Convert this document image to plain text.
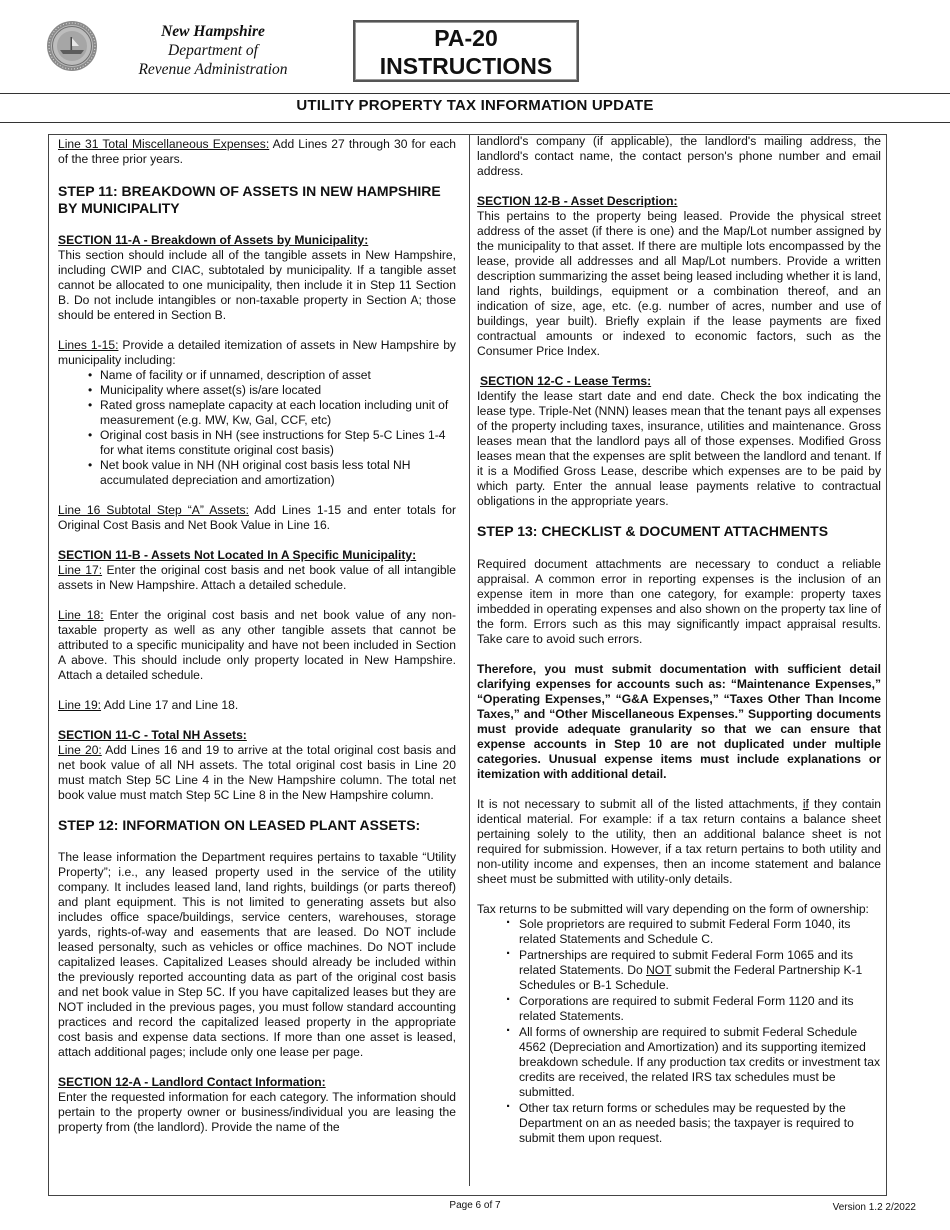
New Hampshire
Department of
Revenue Administration
PA-20
INSTRUCTIONS
UTILITY PROPERTY TAX INFORMATION UPDATE

Line 31 Total Miscellaneous Expenses: Add Lines 27 through 30 for each of the three prior years.

STEP 11: BREAKDOWN OF ASSETS IN NEW HAMPSHIRE BY MUNICIPALITY

SECTION 11-A - Breakdown of Assets by Municipality:

This section should include all of the tangible assets in New Hampshire, including CWIP and CIAC, subtotaled by municipality. If a tangible asset cannot be allocated to one municipality, then include it in Step 11 Section B. Do not include intangibles or non-taxable property in Section A; those should be entered in Section B.

Lines 1-15: Provide a detailed itemization of assets in New Hampshire by municipality including:

• Name of facility or if unnamed, description of asset
• Municipality where asset(s) is/are located
• Rated gross nameplate capacity at each location including unit of measurement (e.g. MW, Kw, Gal, CCF, etc)
• Original cost basis in NH (see instructions for Step 5-C Lines 1-4 for what items constitute original cost basis)
• Net book value in NH (NH original cost basis less total NH accumulated depreciation and amortization)

Line 16 Subtotal Step “A” Assets: Add Lines 1-15 and enter totals for Original Cost Basis and Net Book Value in Line 16.

SECTION 11-B - Assets Not Located In A Specific Municipality:

Line 17: Enter the original cost basis and net book value of all intangible assets in New Hampshire. Attach a detailed schedule.

Line 18: Enter the original cost basis and net book value of any non-taxable property as well as any other tangible assets that cannot be attributed to a specific municipality and have not been included in Section A above. This should include only property located in New Hampshire. Attach a detailed schedule.

Line 19: Add Line 17 and Line 18.

SECTION 11-C - Total NH Assets:

Line 20: Add Lines 16 and 19 to arrive at the total original cost basis and net book value of all NH assets. The total original cost basis in Line 20 must match Step 5C Line 4 in the New Hampshire column. The total net book value must match Step 5C Line 8 in the New Hampshire column.

STEP 12: INFORMATION ON LEASED PLANT ASSETS:

The lease information the Department requires pertains to taxable “Utility Property”; i.e., any leased property used in the service of the utility company. It includes leased land, land rights, buildings (or parts thereof) and plant equipment. This is not limited to generating assets but also includes office space/buildings, service centers, warehouses, storage yards, rights-of-way and easements that are leased. Do NOT include leased personalty, such as vehicles or office machines. Do NOT include capitalized leases. Capitalized Leases should already be included within the previously reported accounting data as part of the original cost basis and net book value in Step 5C. If you have capitalized leases but they are NOT included in the previous pages, you must follow standard accounting practices and record the capitalized leased property in the appropriate cost basis and expense data sections. If more than one asset is leased, attach additional pages; include only one lease per page.

SECTION 12-A - Landlord Contact Information:

Enter the requested information for each category. The information should pertain to the property owner or business/individual you are leasing the property from (the landlord). Provide the name of the

landlord's company (if applicable), the landlord's mailing address, the landlord's contact name, the contact person's phone number and email address.

SECTION 12-B - Asset Description:

This pertains to the property being leased. Provide the physical street address of the asset (if there is one) and the Map/Lot number assigned by the municipality to that asset. If there are multiple lots encompassed by the lease, provide all addresses and all Map/Lot numbers. Provide a written description summarizing the asset being leased including whether it is land, land rights, buildings, equipment or a combination thereof, and an indication of size, age, etc. (e.g. number of acres, number and use of buildings, year built). Briefly explain if the lease payments are fixed contractual amounts or indexed to economic factors, such as the Consumer Price Index.

SECTION 12-C - Lease Terms:

Identify the lease start date and end date. Check the box indicating the lease type. Triple-Net (NNN) leases mean that the tenant pays all expenses of the property including taxes, insurance, utilities and maintenance. Gross leases mean that the landlord pays all of those expenses. Modified Gross leases mean that the expenses are split between the landlord and tenant. If it is a Modified Gross Lease, describe which expenses are to be paid by which party. Enter the annual lease payments relative to contractual obligations in the appropriate years.

STEP 13: CHECKLIST & DOCUMENT ATTACHMENTS

Required document attachments are necessary to conduct a reliable appraisal. A common error in reporting expenses is the inclusion of an expense item in more than one category, for example: property taxes imbedded in operating expenses and also shown on the property tax line of the form. Errors such as this may significantly impact appraisal results. Take care to avoid such errors.

Therefore, you must submit documentation with sufficient detail clarifying expenses for accounts such as: “Maintenance Expenses,” “Operating Expenses,” “G&A Expenses,” “Taxes Other Than Income Taxes,” and “Other Miscellaneous Expenses.” Supporting documents must provide adequate granularity so that we can ensure that expense accounts in Step 10 are not duplicated under multiple categories. Unusual expense items must include explanations or itemization with additional detail.

It is not necessary to submit all of the listed attachments, if they contain identical material. For example: if a tax return contains a balance sheet pertaining solely to the utility, then an additional balance sheet is not required for submission. However, if a tax return pertains to both utility and non-utility income and expenses, then an income statement and balance sheet must be submitted with utility-only details.

Tax returns to be submitted will vary depending on the form of ownership:

· Sole proprietors are required to submit Federal Form 1040, its related Statements and Schedule C.
· Partnerships are required to submit Federal Form 1065 and its related Statements. Do NOT submit the Federal Partnership K-1 Schedules or B-1 Schedule.
· Corporations are required to submit Federal Form 1120 and its related Statements.
· All forms of ownership are required to submit Federal Schedule 4562 (Depreciation and Amortization) and its supporting itemized breakdown schedule. If any production tax credits or investment tax credits are received, the related IRS tax schedules must be submitted.
· Other tax return forms or schedules may be requested by the Department on an as needed basis; the taxpayer is required to submit them upon request.
Page 6 of 7	Version 1.2 2/2022
